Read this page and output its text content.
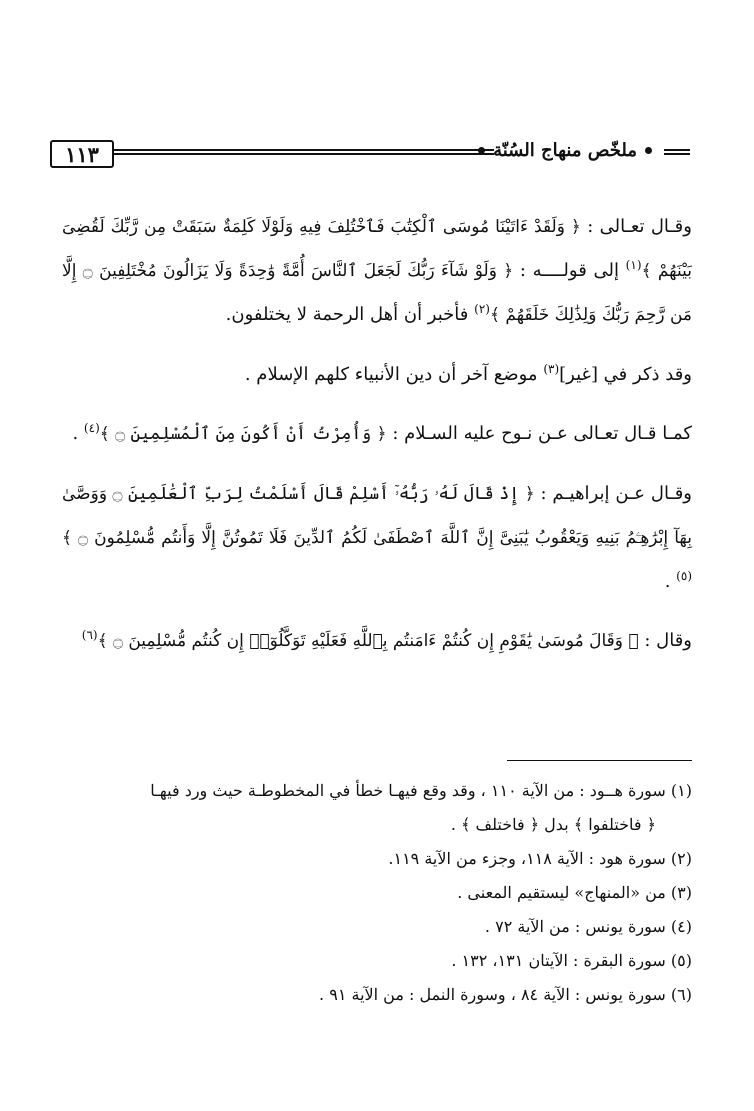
١١٣	ملخّص منهاج السُنّة

وقـال تعـالى : ﴿ وَلَقَدْ ءَاتَيْنَا مُوسَى ٱلْكِتَٰبَ فَٱخْتُلِفَ فِيهِ وَلَوْلَا كَلِمَةٌ سَبَقَتْ مِن رَّبِّكَ لَقُضِىَ بَيْنَهُمْ ﴾$^{(١)}$ إلى قولــــه : ﴿ وَلَوْ شَآءَ رَبُّكَ لَجَعَلَ ٱلنَّاسَ أُمَّةً وَٰحِدَةً وَلَا يَزَالُونَ مُخْتَلِفِينَ ۝ إِلَّا مَن رَّحِمَ رَبُّكَ وَلِذَٰلِكَ خَلَقَهُمْ ﴾$^{(٢)}$ فأخبر أن أهل الرحمة لا يختلفون.

وقد ذكر في [غير]$^{(٣)}$ موضع آخر أن دين الأنبياء كلهم الإسلام .

كمـا قـال تعـالى عـن نـوح عليه السـلام : ﴿ وَأُمِرْتُ أَنْ أَكُونَ مِنَ ٱلْمُسْلِمِينَ ۝ ﴾$^{(٤)}$ .

وقـال عـن إبراهيـم : ﴿ إِذْ قَالَ لَهُۥ رَبُّهُۥٓ أَسْلِمْ قَالَ أَسْلَمْتُ لِرَبِّ ٱلْعَٰلَمِينَ ۝ وَوَصَّىٰ بِهَآ إِبْرَٰهِـۧمُ بَنِيهِ وَيَعْقُوبُ يَٰبَنِىَّ إِنَّ ٱللَّهَ ٱصْطَفَىٰ لَكُمُ ٱلدِّينَ فَلَا تَمُوتُنَّ إِلَّا وَأَنتُم مُّسْلِمُونَ ۝ ﴾$^{(٥)}$ .

وقال : ﴿ وَقَالَ مُوسَىٰ يَٰقَوْمِ إِن كُنتُمْ ءَامَنتُم بِٱللَّهِ فَعَلَيْهِ تَوَكَّلُوٓا۟ إِن كُنتُم مُّسْلِمِينَ ۝ ﴾$^{(٦)}$

(١) سورة هــود : من الآية ١١٠ ، وقد وقع فيهـا خطأ في المخطوطـة حيث ورد فيهـا

﴿ فاختلفوا ﴾ بدل ﴿ فاختلف ﴾ .

(٢) سورة هود : الآية ١١٨، وجزء من الآية ١١٩.

(٣) من «المنهاج» ليستقيم المعنى .

(٤) سورة يونس : من الآية ٧٢ .

(٥) سورة البقرة : الآيتان ١٣١، ١٣٢ .

(٦) سورة يونس : الآية ٨٤ ، وسورة النمل : من الآية ٩١ .
